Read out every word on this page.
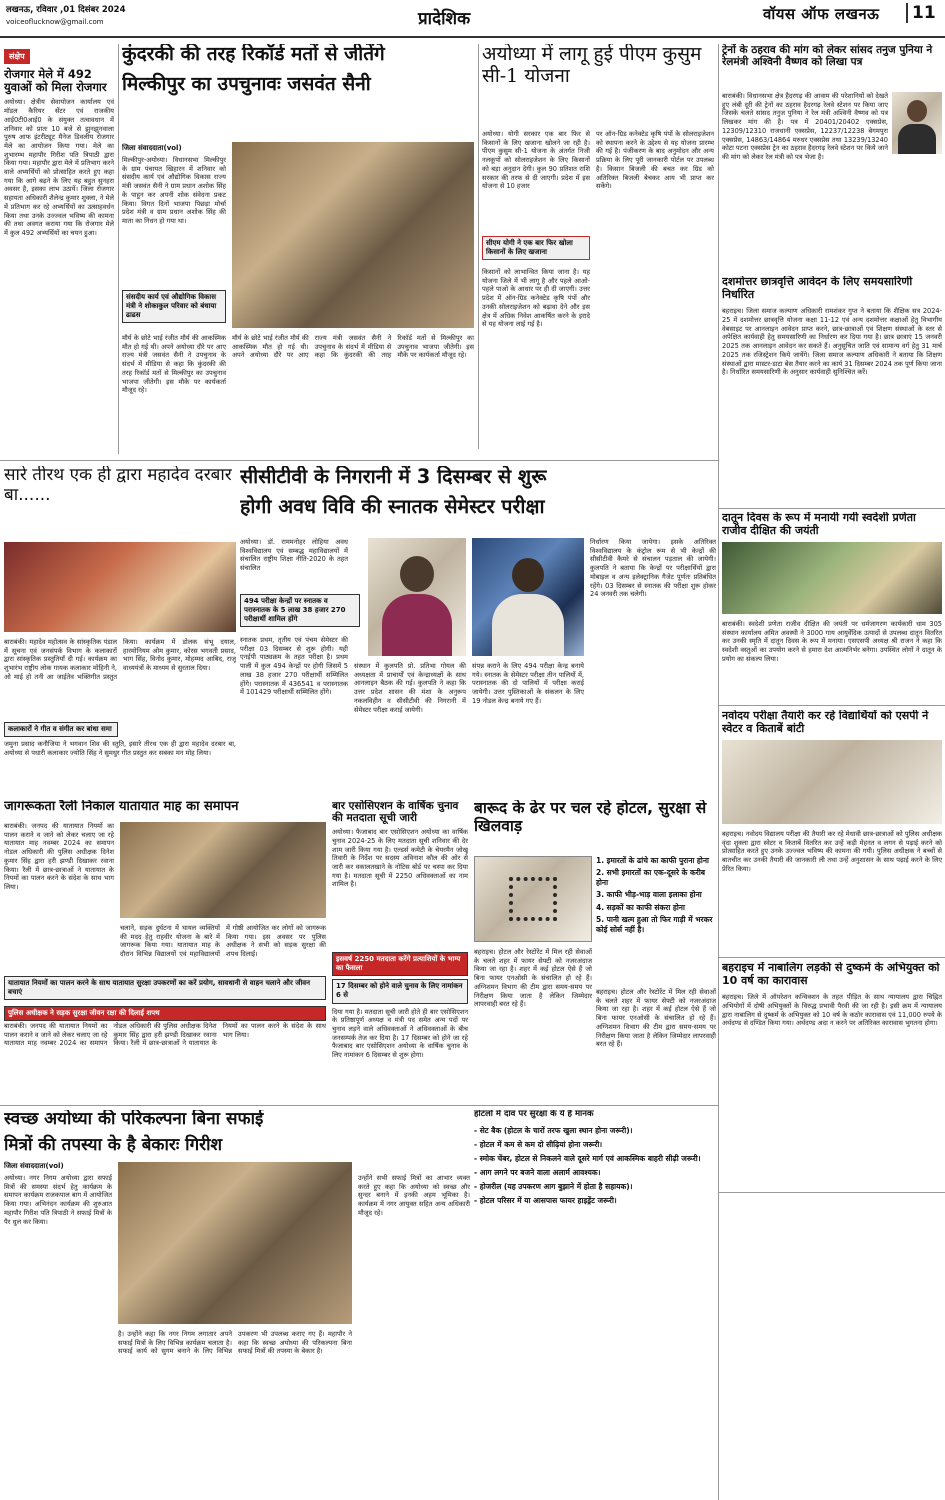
लखनऊ, रविवार ,01 दिसंबर 2024
voiceoflucknow@gmail.com	प्रादेशिक	वॉयस ऑफ लखनऊ	11
संक्षेप
रोजगार मेले में 492 युवाओं को मिला रोजगार
अयोध्या। क्षेत्रीय सेवायोजन कार्यालय एवं मॉडल कैरियर सेंटर एवं राजकीय आई0टी0आई0 के संयुक्त तत्वावधान में शनिवार को प्रातः 10 बजे से झुनझुनवाला पुरुष आफ इंटरीट्यूट मैनेज डिवलीय रोजगार मेले का आयोजन किया गया। मेले का शुभारम्भ महापौर गिरीश पति त्रिपाठी द्वारा किया गया। महापौर द्वारा मेले में प्रतिभाग करने वाले अभ्यर्थियों को प्रोत्साहित करते हुए कहा गया कि आगे बढ़ने के लिए यह बहुत सुनहरा अवसर है, इसका लाभ उठायें। जिला रोजगार सहायता अधिकारी शैलेन्द्र कुमार शुक्ला, ने मेले में प्रतिभाग कर रहे अभ्यर्थियों का उत्साहवर्धन किया तथा उनके उज्ज्वल भविष्य की कामना की तथा अवगत कराया गया कि रोजगार मेले में कुल 492 अभ्यर्थियों का चयन हुआ।
कुंदरकी की तरह रिकॉर्ड मतों से जीतेंगे
मिल्कीपुर का उपचुनावः जसवंत सैनी
जिला संवाददाता(vol)
मिल्कीपुर-अयोध्या। विधानसभा मिल्कीपुर के ग्राम पंचायत खिहारन में शनिवार को संसदीय कार्य एवं औद्योगिक विकास राज्य मंत्री जसवंत सैनी ने ग्राम प्रधान अशोक सिंह के पाहुन कर अपनी शोक संवेदना प्रकट किया। विगत दिनों भाजपा पिछड़ा मोर्चा प्रदेश मंत्री व ग्राम प्रधान अशोक सिंह की माता का निधन हो गया था।
संसदीय कार्य एवं औद्योगिक विकास मंत्री ने शोकाकुल परिवार को बंधाया ढाढस
मौर्य के छोटे भाई रंजीत मौर्य की आकस्मिक मौत हो गई थी। अपने अयोध्या दौरे पर आए राज्य मंत्री जसवंत सैनी ने उपचुनाव के संदर्भ में मीडिया से कहा कि कुंदरकी की तरह रिकॉर्ड मतों से मिल्कीपुर का उपचुनाव भाजपा जीतेगी। इस मौके पर कार्यकर्ता मौजूद रहे।
मौर्य के छोटे भाई रंजीत मौर्य की आकस्मिक मौत हो गई थी। अपने अयोध्या दौरे पर आए राज्य मंत्री जसवंत सैनी ने उपचुनाव के संदर्भ में मीडिया से कहा कि कुंदरकी की तरह रिकॉर्ड मतों से मिल्कीपुर का उपचुनाव भाजपा जीतेगी। इस मौके पर कार्यकर्ता मौजूद रहे।
अयोध्या में लागू हुई पीएम कुसुम सी-1 योजना
अयोध्या। योगी सरकार एक बार फिर से किसानों के लिए खजाना खोलने जा रही है। पीएम कुसुम सी-1 योजना के अंतर्गत निजी नलकूपों को सोलराइजेशन के लिए किसानों को बड़ा अनुदान देगी। कुल 90 प्रतिशत राशि सरकार की तरफ से दी जाएगी। प्रदेश में इस योजना से 10 हजार
सीएम योगी ने एक बार फिर खोला किसानों के लिए खजाना
किसानों को लाभान्वित किया जाना है। यह योजना जिले में भी लागू है और पहले आओ-पहले पाओ के आधार पर ही दी जाएगी। उत्तर प्रदेश में ऑन-ग्रिड कनेक्टेड कृषि पंपों और उनकी सोलराइजेशन को बढ़ावा देने और इस क्षेत्र में अधिक निवेश आकर्षित करने के इरादे से यह योजना लाई गई है।
पर ऑन-ग्रिड कनेक्टेड कृषि पंपों के सोलराइजेशन को स्थापना करने के उद्देश्य से यह योजना प्रारम्भ की गई है। पंजीकरण के बाद अनुमोदन और अन्य प्रक्रिया के लिए पूरी जानकारी पोर्टल पर उपलब्ध है। किसान बिजली की बचत कर ग्रिड को अतिरिक्त बिजली बेचकर आय भी प्राप्त कर सकेंगे।
ट्रेनों के ठहराव की मांग को लेकर सांसद तनुज पुनिया ने रेलमंत्री अश्विनी वैष्णव को लिखा पत्र
बाराबंकी। विधानसभा क्षेत्र हैदरगढ़ की आवाम की परेशानियों को देखते हुए लंबी दूरी की ट्रेनों का ठहराव हैदरगढ़ रेलवे स्टेशन पर किया जाए जिसके चलते सांसद तनुज पुनिया ने रेल मंत्री अश्विनी वैष्णव को पत्र लिखकर मांग की है। पत्र में 20401/20402 एक्सप्रेस, 12309/12310 राजधानी एक्सप्रेस, 12237/12238 बेगमपुरा एक्सप्रेस, 14863/14864 मरुधर एक्सप्रेस तथा 13239/13240 कोटा पटना एक्सप्रेस ट्रेन का ठहराव हैदरगढ़ रेलवे स्टेशन पर किये जाने की मांग को लेकर रेल मंत्री को पत्र भेजा है।
दशमोत्तर छात्रवृत्ति आवेदन के लिए समयसारिणी निर्धारित
बहराइच। जिला समाज कल्याण अधिकारी रामशंकर गुप्त ने बताया कि शैक्षिक सत्र 2024-25 में दशमोत्तर छात्रवृत्ति योजना कक्षा 11-12 एवं अन्य दशमोत्तर कक्षाओं हेतु विभागीय वेबसाइट पर आनलाइन आवेदन प्राप्त करने, छात्र-छात्राओं एवं शिक्षण संस्थाओं के स्तर से अपेक्षित कार्यवाही हेतु समयसारिणी का निर्धारण कर दिया गया है। छात्र छात्राएं 15 जनवरी 2025 तक आनलाइन आवेदन कर सकते हैं। अनुसूचित जाति एवं सामान्य वर्ग हेतु 31 मार्च 2025 तक रजिस्ट्रेशन किये जायेंगे। जिला समाज कल्याण अधिकारी ने बताया कि शिक्षण संस्थाओं द्वारा मास्टर-डाटा बेस तैयार करने का कार्य 31 दिसम्बर 2024 तक पूर्ण किया जाना है। निर्धारित समयसारिणी के अनुसार कार्यवाही सुनिश्चित करें।
सारे तीरथ एक ही द्वारा महादेव दरबार बा......
बाराबंकी। महादेव महोत्सव के सांस्कृतिक पंडाल में सूचना एवं जनसंपर्क विभाग के कलाकारों द्वारा सांस्कृतिक प्रस्तुतियाँ दी गई। कार्यक्रम का शुभारंभ राष्ट्रीय लोक गायक कलाकार मोहिनी ने, ओ माई हो तनी आ जाईतेव भक्तिगीत प्रस्तुत किया। कार्यक्रम में डोलक संभू दयाल, हारमोनियम ओम कुमार, कोरस भगवती प्रसाद, भाग सिंह, विनोद कुमार, मोहम्मद आबिद, राजू वाध्ययंत्रों के माध्यम से सुरताल दिया।
कलाकारों ने गीत व संगीत कर बांधा समा
जमुना प्रसाद कनौजिया ने भगवान शिव की स्तुति, इसारे तीरथ एक ही द्वारा महादेव दरबार बा, अयोध्या से पधारी कलाकार ज्योति सिंह ने सुमधुर गीत प्रस्तुत कर सबका मन मोह लिया।
सीसीटीवी के निगरानी में 3 दिसम्बर से शुरू
होगी अवध विवि की स्नातक सेमेस्टर परीक्षा
अयोध्या। डॉ. राममनोहर लोहिया अवध विश्वविद्यालय एवं सम्बद्ध महाविद्यालयों में संचालित राष्ट्रीय शिक्षा नीति-2020 के तहत संचालित
494 परीक्षा केन्द्रों पर स्नातक व परास्नातक के 5 लाख 38 हजार 270 परीक्षार्थी शामिल होंगे
स्नातक प्रथम, तृतीय एवं पंचम सेमेस्टर की परीक्षा 03 दिसम्बर से शुरू होगी। यही एनईपी पाठ्यक्रम के तहत परीक्षा है। प्रथम पाली में कुल 494 केन्द्रों पर होगी जिसमें 5 लाख 38 हजार 270 परीक्षार्थी सम्मिलित होंगे। परास्नातक में 436541 व परास्नातक में 101429 परीक्षार्थी सम्मिलित होंगे।
संस्थान में कुलपति प्रो. प्रतिभा गोयल की अध्यक्षता में प्राचार्यों एवं केन्द्राध्यक्षों के साथ आनलाइन बैठक की गई। कुलपति ने कहा कि उत्तर प्रदेश शासन की मंशा के अनुरूप नकलविहीन व सीसीटीवी की निगरानी में सेमेस्टर परीक्षा कराई जायेगी।
संपन्न कराने के लिए 494 परीक्षा केन्द्र बनाये गये। स्नातक के सेमेस्टर परीक्षा तीन पालियों में, परास्नातक की दो पालियों में परीक्षा कराई जायेगी। उत्तर पुस्तिकाओं के संकलन के लिए 19 नोडल केन्द्र बनाये गए हैं।
निर्धारण किया जायेगा। इसके अतिरिक्त विश्वविद्यालय के कंट्रोल रूम से भी केन्द्रों की सीसीटीवी कैमरे से संचालन पड़ताल की जायेगी। कुलपति ने बताया कि केन्द्रों पर परीक्षार्थियों द्वारा मोबाइल व अन्य इलेक्ट्रानिक गैजेट पूर्णतः प्रतिबंधित रहेंगे। 03 दिसम्बर से स्नातक की परीक्षा शुरू होकर 24 जनवरी तक चलेगी।
दातून दिवस के रूप में मनायी गयी स्वदेशी प्रणेता राजीव दीक्षित की जयंती
बाराबंकी। स्वदेशी प्रणेता राजीव दीक्षित की जयंती पर धर्मजागरण कार्यकारी धाम 305 संस्थान कार्यालय अमित अवस्थी ने 3000 गाय आयुर्वेदिक उत्पादों से उपलब्ध दातून वितरित कर उनकी स्मृति में दातून दिवस के रूप में मनाया। एसएसपी अध्यक्ष श्री राजन ने कहा कि स्वदेशी वस्तुओं का उपयोग करने से हमारा देश आत्मनिर्भर बनेगा। उपस्थित लोगों ने दातून के प्रयोग का संकल्प लिया।
जागरूकता रैली निकाल यातायात माह का समापन
बाराबंकी। जनपद की यातायात नियमों का पालन कराने व जाने को लेकर चलाए जा रहे यातायात माह नवम्बर 2024 का समापन नोडल अधिकारी की पुलिस अधीक्षक दिनेश कुमार सिंह द्वारा हरी झण्डी दिखाकर रवाना किया। रैली में छात्र-छात्राओं ने यातायात के नियमों का पालन करने के संदेश के साथ भाग लिया।
चलाने, सड़क दुर्घटना में घायल व्यक्तियों की मदद हेतु राहवीर योजना के बारे में जागरूक किया गया। यातायात माह के दौरान विभिन्न विद्यालयों एवं महाविद्यालयों में गोष्ठी आयोजित कर लोगों को जागरूक किया गया। इस अवसर पर पुलिस अधीक्षक ने सभी को सड़क सुरक्षा की शपथ दिलाई।
यातायात नियमों का पालन करने के साथ यातायात सुरक्षा उपकरणों का करें प्रयोग, सावधानी से वाहन चलाने और जीवन बचाएं
पुलिस अधीक्षक ने सड़क सुरक्षा जीवन रक्षा की दिलाई शपथ
बाराबंकी। जनपद की यातायात नियमों का पालन कराने व जाने को लेकर चलाए जा रहे यातायात माह नवम्बर 2024 का समापन नोडल अधिकारी की पुलिस अधीक्षक दिनेश कुमार सिंह द्वारा हरी झण्डी दिखाकर रवाना किया। रैली में छात्र-छात्राओं ने यातायात के नियमों का पालन करने के संदेश के साथ भाग लिया।
बार एसोसिएशन के वार्षिक चुनाव की मतदाता सूची जारी
अयोध्या। फैजाबाद बार एसोसिएशन अयोध्या का वार्षिक चुनाव 2024-25 के लिए मतदाता सूची शनिवार की देर शाम जारी किया गया है। एल्डर्स कमेटी के चेयरमैन जोखू तिवारी के निर्देश पर सदस्य अविनाश कौल की ओर से जारी कर वकालतखाने के नोटिस बोर्ड पर चस्पा कर दिया गया है। मतदाता सूची में 2250 अधिवक्ताओं का नाम शामिल है।
इसवर्ष 2250 मतदाता करेंगे प्रत्याशियों के भाग्य का फैसला
17 दिसम्बर को होने वाले चुनाव के लिए नामांकन 6 से
दिया गया है। मतदाता सूची जारी होते ही बार एसोसिएशन के प्रतिष्ठापूर्ण अध्यक्ष व मंत्री पद समेत अन्य पदों पर चुनाव लड़ने वाले अधिवक्ताओं ने अधिवक्ताओं के बीच जनसम्पर्क तेज कर दिया है। 17 दिसम्बर को होने जा रहे फैजाबाद बार एसोसिएशन अयोध्या के वार्षिक चुनाव के लिए नामांकन 6 दिसम्बर से शुरू होगा।
बारूद के ढेर पर चल रहे होटल, सुरक्षा से खिलवाड़
1. इमारतों के ढांचे का काफी पुराना होना
2. सभी इमारतों का एक-दूसरे के करीब होना
3. काफी भीड़-भाड़ वाला इलाका होना
4. सड़कों का काफी संकरा होना
5. पानी खत्म हुआ तो फिर गाड़ी में भरकर कोई सोर्स नहीं है।
बहराइच। होटल और रेस्टोरेंट में मिल रही सेवाओं के चलते शहर में फायर सेफ्टी को नजरअंदाज किया जा रहा है। शहर में कई होटल ऐसे हैं जो बिना फायर एनओसी के संचालित हो रहे हैं। अग्निशमन विभाग की टीम द्वारा समय-समय पर निरीक्षण किया जाता है लेकिन जिम्मेदार लापरवाही बरत रहे हैं।
बहराइच। होटल और रेस्टोरेंट में मिल रही सेवाओं के चलते शहर में फायर सेफ्टी को नजरअंदाज किया जा रहा है। शहर में कई होटल ऐसे हैं जो बिना फायर एनओसी के संचालित हो रहे हैं। अग्निशमन विभाग की टीम द्वारा समय-समय पर निरीक्षण किया जाता है लेकिन जिम्मेदार लापरवाही बरत रहे हैं।
नवोदय परीक्षा तैयारी कर रहे विद्यार्थियों को एसपी ने स्वेटर व किताबें बांटी
बहराइच। नवोदय विद्यालय परीक्षा की तैयारी कर रहे मेधावी छात्र-छात्राओं को पुलिस अधीक्षक वृंदा शुक्ला द्वारा स्वेटर व किताबें वितरित कर उन्हें कड़ी मेहनत व लगन से पढ़ाई करने को प्रोत्साहित करते हुए उनके उज्ज्वल भविष्य की कामना की गयी। पुलिस अधीक्षक ने बच्चों से बातचीत कर उनकी तैयारी की जानकारी ली तथा उन्हें अनुशासन के साथ पढ़ाई करने के लिए प्रेरित किया।
बहराइच में नाबालिग लड़की से दुष्कर्म के अभियुक्त को 10 वर्ष का कारावास
बहराइच। जिले में ऑपरेशन कन्विक्शन के तहत पीड़ित के साथ न्यायालय द्वारा चिह्नित अभियोगों में दोषी अभियुक्तों के विरुद्ध प्रभावी पैरवी की जा रही है। इसी क्रम में न्यायालय द्वारा नाबालिग से दुष्कर्म के अभियुक्त को 10 वर्ष के कठोर कारावास एवं 11,000 रुपये के अर्थदण्ड से दण्डित किया गया। अर्थदण्ड अदा न करने पर अतिरिक्त कारावास भुगतना होगा।
स्वच्छ अयोध्या की परिकल्पना बिना सफाई
मित्रों की तपस्या के है बेकारः गिरीश
जिला संवाददाता(vol)
अयोध्या। नगर निगम अयोध्या द्वारा सफाई मित्रों की समस्या संदर्भ हेतु कार्यक्रम के समापन कार्यक्रम राजकपाल बाग में आयोजित किया गया। अभिनंदन कार्यक्रम की शुरुआत महापौर गिरीश पति त्रिपाठी ने सफाई मित्रों के पैर धुल कर किया।
है। उन्होंने कहा कि नगर निगम लगातार अपने सफाई मित्रों के लिए विभिन्न कार्यक्रम चलाता है। सफाई कार्य को सुगम बनाने के लिए विभिन्न उपकरण भी उपलब्ध कराए गए हैं। महापौर ने कहा कि स्वच्छ अयोध्या की परिकल्पना बिना सफाई मित्रों की तपस्या के बेकार है।
उन्होंने सभी सफाई मित्रों का आभार व्यक्त करते हुए कहा कि अयोध्या को स्वच्छ और सुन्दर बनाने में इनकी अहम भूमिका है। कार्यक्रम में नगर आयुक्त सहित अन्य अधिकारी मौजूद रहे।
होटलों में दांव पर सुरक्षा के ये हैं मानक
- सेट बैक (होटल के चारों तरफ खुला स्थान होना जरूरी)।
- होटल में कम से कम दो सीढ़ियां होना जरूरी।
- स्मोक चेंबर, होटल से निकलने वाले दूसरे मार्ग एवं आकस्मिक बाहरी सीढ़ी जरूरी।
- आग लगने पर बजने वाला अलार्म आवश्यक।
- होजरील (यह उपकरण आग बुझाने में होता है सहायक)।
- होटल परिसर में या आसपास फायर हाइड्रेंट जरूरी।
